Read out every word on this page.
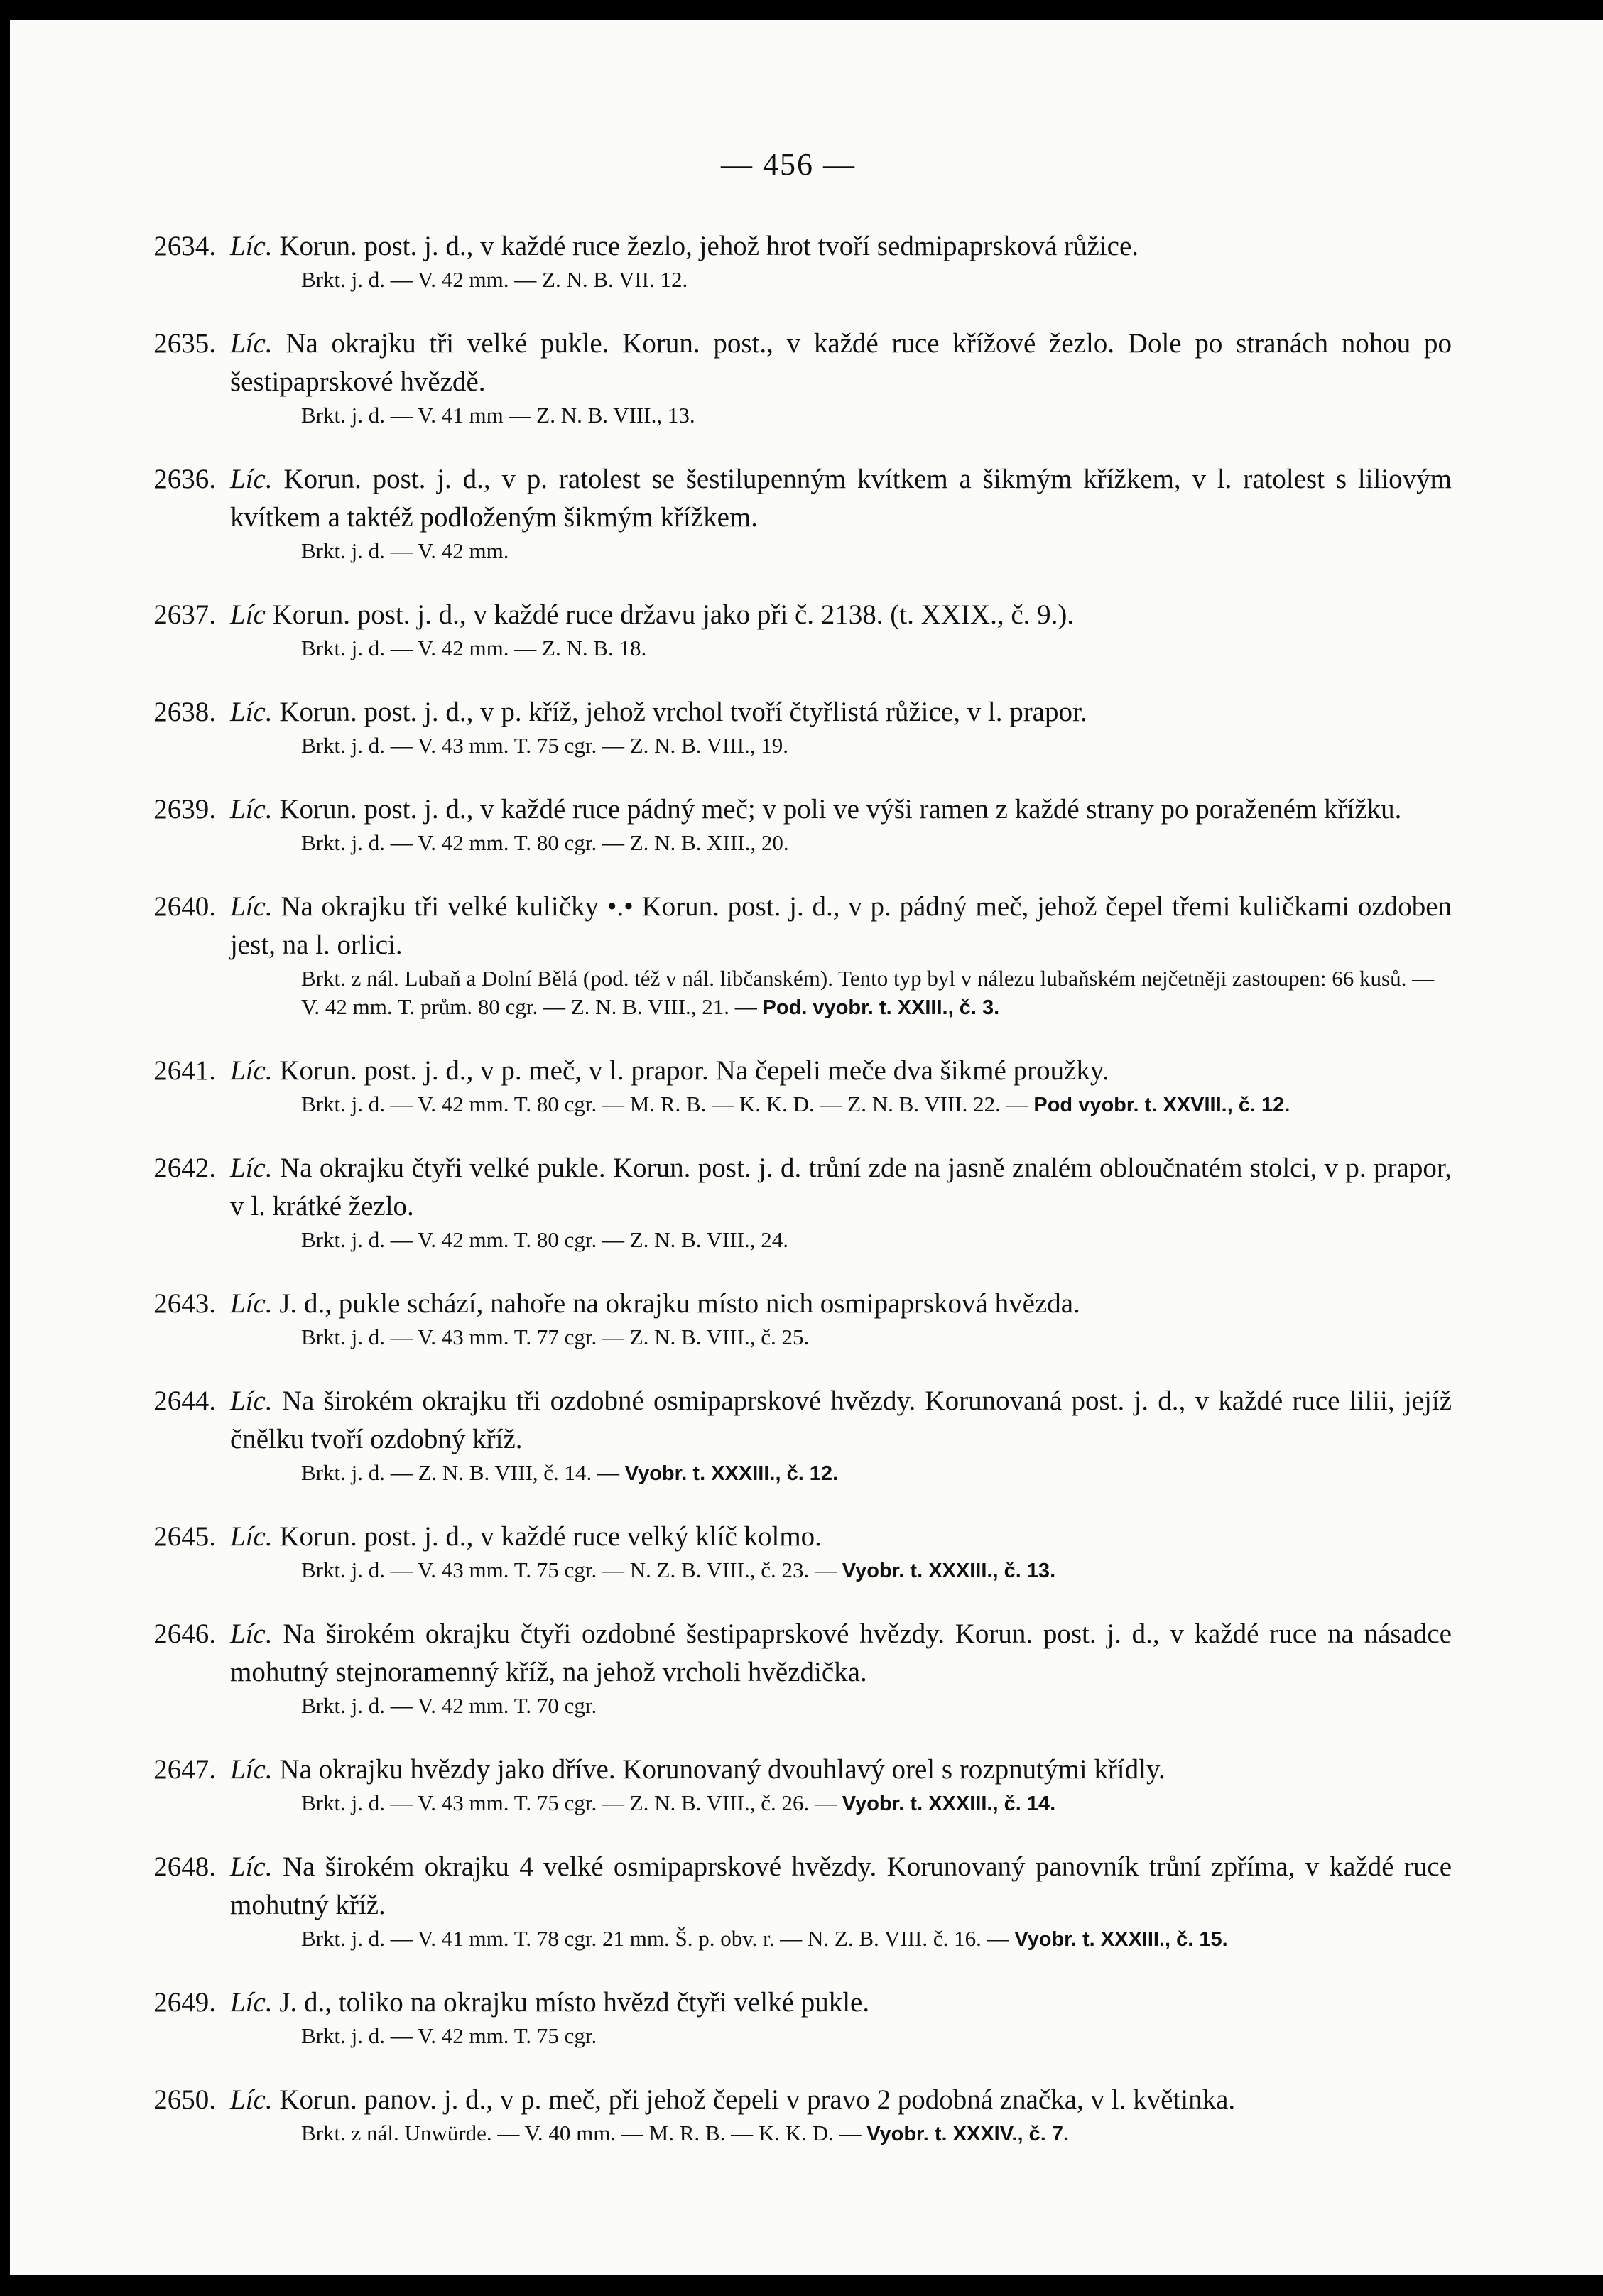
— 456 —
2634. Líc. Korun. post. j. d., v každé ruce žezlo, jehož hrot tvoří sedmipaprsková růžice.
Brkt. j. d. — V. 42 mm. — Z. N. B. VII. 12.
2635. Líc. Na okrajku tři velké pukle. Korun. post., v každé ruce křížové žezlo. Dole po stranách nohou po šestipaprskové hvězdě.
Brkt. j. d. — V. 41 mm — Z. N. B. VIII., 13.
2636. Líc. Korun. post. j. d., v p. ratolest se šestilupenným kvítkem a šikmým křížkem, v l. ratolest s liliovým kvítkem a taktéž podloženým šikmým křížkem.
Brkt. j. d. — V. 42 mm.
2637. Líc Korun. post. j. d., v každé ruce državu jako při č. 2138. (t. XXIX., č. 9.).
Brkt. j. d. — V. 42 mm. — Z. N. B. 18.
2638. Líc. Korun. post. j. d., v p. kříž, jehož vrchol tvoří čtyřlistá růžice, v l. prapor.
Brkt. j. d. — V. 43 mm. T. 75 cgr. — Z. N. B. VIII., 19.
2639. Líc. Korun. post. j. d., v každé ruce pádný meč; v poli ve výši ramen z každé strany po poraženém křížku.
Brkt. j. d. — V. 42 mm. T. 80 cgr. — Z. N. B. XIII., 20.
2640. Líc. Na okrajku tři velké kuličky •.• Korun. post. j. d., v p. pádný meč, jehož čepel třemi kuličkami ozdoben jest, na l. orlici.
Brkt. z nál. Lubaň a Dolní Bělá (pod. též v nál. libčanském). Tento typ byl v nálezu lubaňském nejčetněji zastoupen: 66 kusů. — V. 42 mm. T. prům. 80 cgr. — Z. N. B. VIII., 21. — Pod. vyobr. t. XXIII., č. 3.
2641. Líc. Korun. post. j. d., v p. meč, v l. prapor. Na čepeli meče dva šikmé proužky.
Brkt. j. d. — V. 42 mm. T. 80 cgr. — M. R. B. — K. K. D. — Z. N. B. VIII. 22. — Pod vyobr. t. XXVIII., č. 12.
2642. Líc. Na okrajku čtyři velké pukle. Korun. post. j. d. trůní zde na jasně znalém obloučnatém stolci, v p. prapor, v l. krátké žezlo.
Brkt. j. d. — V. 42 mm. T. 80 cgr. — Z. N. B. VIII., 24.
2643. Líc. J. d., pukle schází, nahoře na okrajku místo nich osmipaprsková hvězda.
Brkt. j. d. — V. 43 mm. T. 77 cgr. — Z. N. B. VIII., č. 25.
2644. Líc. Na širokém okrajku tři ozdobné osmipaprskové hvězdy. Korunovaná post. j. d., v každé ruce lilii, jejíž čnělku tvoří ozdobný kříž.
Brkt. j. d. — Z. N. B. VIII, č. 14. — Vyobr. t. XXXIII., č. 12.
2645. Líc. Korun. post. j. d., v každé ruce velký klíč kolmo.
Brkt. j. d. — V. 43 mm. T. 75 cgr. — N. Z. B. VIII., č. 23. — Vyobr. t. XXXIII., č. 13.
2646. Líc. Na širokém okrajku čtyři ozdobné šestipaprskové hvězdy. Korun. post. j. d., v každé ruce na násadce mohutný stejnoramenný kříž, na jehož vrcholi hvězdička.
Brkt. j. d. — V. 42 mm. T. 70 cgr.
2647. Líc. Na okrajku hvězdy jako dříve. Korunovaný dvouhlavý orel s rozpnutými křídly.
Brkt. j. d. — V. 43 mm. T. 75 cgr. — Z. N. B. VIII., č. 26. — Vyobr. t. XXXIII., č. 14.
2648. Líc. Na širokém okrajku 4 velké osmipaprskové hvězdy. Korunovaný panovník trůní zpříma, v každé ruce mohutný kříž.
Brkt. j. d. — V. 41 mm. T. 78 cgr. 21 mm. Š. p. obv. r. — N. Z. B. VIII. č. 16. — Vyobr. t. XXXIII., č. 15.
2649. Líc. J. d., toliko na okrajku místo hvězd čtyři velké pukle.
Brkt. j. d. — V. 42 mm. T. 75 cgr.
2650. Líc. Korun. panov. j. d., v p. meč, při jehož čepeli v pravo 2 podobná značka, v l. květinka.
Brkt. z nál. Unwürde. — V. 40 mm. — M. R. B. — K. K. D. — Vyobr. t. XXXIV., č. 7.
